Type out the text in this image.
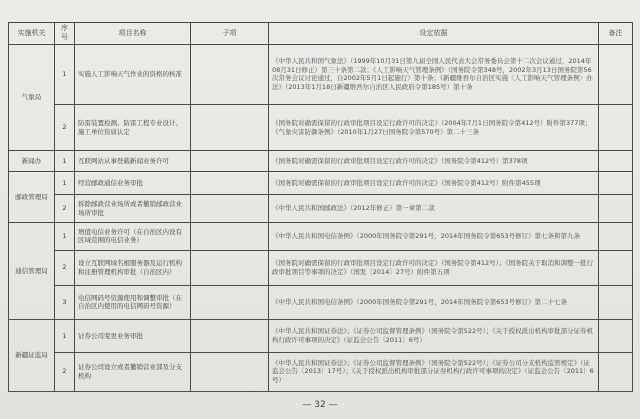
实施机关	序号	项目名称	子项	设定依据	备注
气象局	1	实施人工影响天气作业的资格的核准		《中华人民共和国气象法》（1999年10月31日第九届全国人民代表大会常务委员会第十二次会议通过，2014年08月31日修正）第三十条第二款；《人工影响天气管理条例》（国务院令第348号，2002年3月13日国务院第56次常务会议讨论通过，自2002年5月1日起施行）第十条；《新疆维吾尔自治区实施〈人工影响天气管理条例〉办法》（2013年1月18日新疆维吾尔自治区人民政府令第185号）第十条	
	2	防雷装置检测、防雷工程专业设计、施工单位资质认定		《国务院对确需保留的行政审批项目设定行政许可的决定》（2004年7月1日国务院令第412号）附件第377项；《气象灾害防御条例》（2010年1月27日国务院令第570号）第二十三条	
新闻办	1	互联网站从事登载新闻业务许可		《国务院对确需保留的行政审批项目设定行政许可的决定》（国务院令第412号）第378项	
邮政管理局	1	经营邮政通信业务审批		《国务院对确需保留的行政审批项目设定行政许可的决定》（国务院令第412号）附件第455项	
	2	拆除邮政营业场所或者撤销邮政营业场所审批		《中华人民共和国邮政法》（2012年修正）第一章第二款	
通信管理局	1	增值电信业务许可（在自治区内设有区域范围的电信业务）		《中华人民共和国电信条例》（2000年国务院令第291号，2014年国务院令第653号修订）第七条和第九条	
	2	设立互联网域名根服务器及运行机构和注册管理机构审批（自治区内）		《国务院对确需保留的行政审批项目设定行政许可的决定》（国务院令第412号）；《国务院关于取消和调整一批行政审批项目等事项的决定》（国发〔2014〕27号）附件第五项	
	3	电信网码号资源使用和调整审批（在自治区内使用的电信网码号资源）		《中华人民共和国电信条例》（2000年国务院令第291号，2014年国务院令第653号修订）第二十七条	
新疆证监局	1	证券公司变更业务审批		《中华人民共和国证券法》；《证券公司监督管理条例》（国务院令第522号）；《关于授权派出机构审批部分证券机构行政许可事项的决定》（证监会公告〔2011〕6号）	
	2	证券公司设立或者撤销营业部及分支机构		《中华人民共和国证券法》；《证券公司监督管理条例》（国务院令第522号）；《证券公司分支机构监管规定》（证监会公告〔2013〕17号）；《关于授权派出机构审批部分证券机构行政许可事项的决定》（证监会公告〔2011〕6号）	
— 32 —
